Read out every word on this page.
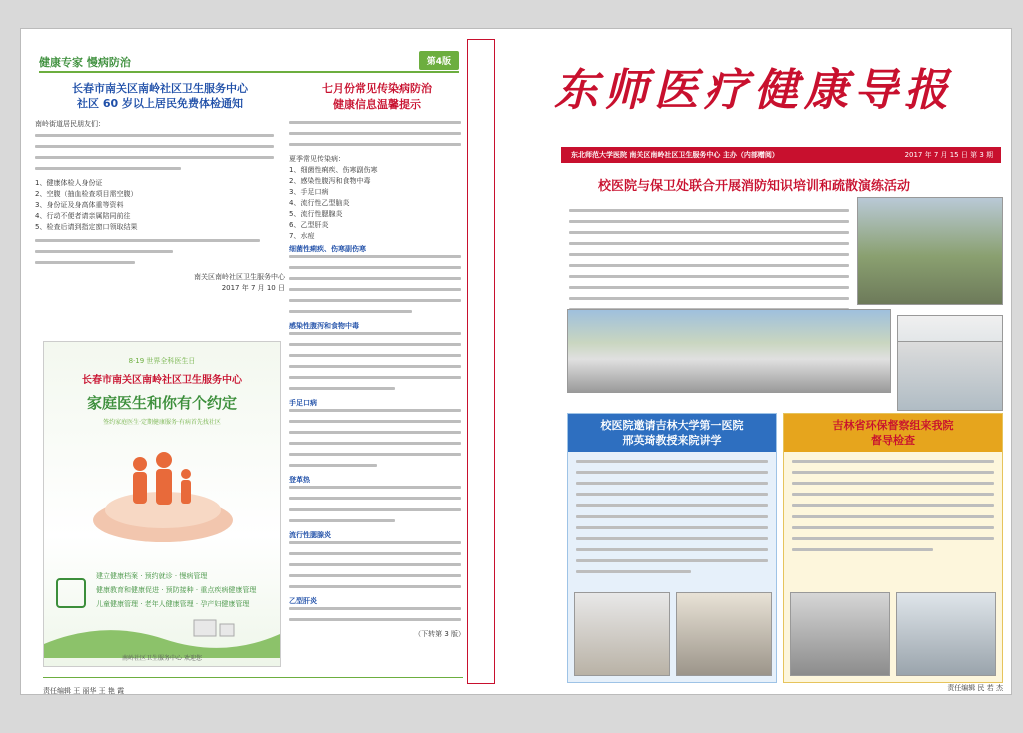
健康专家 慢病防治	第4版
长春市南关区南岭社区卫生服务中心
社区 60 岁以上居民免费体检通知
南岭街道居民朋友们：
1、健康体检人身份证
2、空腹（抽血检查项目需空腹）
3、身份证及身高体重等资料
4、行动不便者请亲属陪同前往
5、检查后请到指定窗口领取结果
南关区南岭社区卫生服务中心
2017 年 7 月 10 日
8·19 世界全科医生日
长春市南关区南岭社区卫生服务中心
家庭医生和你有个约定
签约家庭医生·定期健康服务·有病首先找社区
建立健康档案 · 预约就诊 · 慢病管理
健康教育和健康促进 · 预防接种 · 重点疾病健康管理
儿童健康管理 · 老年人健康管理 · 孕产妇健康管理
南岭社区卫生服务中心 欢迎您
七月份常见传染病防治
健康信息温馨提示
夏季常见传染病：
1、细菌性痢疾、伤寒副伤寒
2、感染性腹泻和食物中毒
3、手足口病
4、流行性乙型脑炎
5、流行性腮腺炎
6、乙型肝炎
7、水痘
细菌性痢疾、伤寒副伤寒
感染性腹泻和食物中毒
手足口病
登革热
流行性腮腺炎
乙型肝炎
（下转第 3 版）
责任编辑 王 丽华 王 艳 霞
东师医疗健康导报
东北师范大学医院 南关区南岭社区卫生服务中心 主办（内部赠阅）	2017 年 7 月 15 日 第 3 期
校医院与保卫处联合开展消防知识培训和疏散演练活动
校医院邀请吉林大学第一医院
邢英琦教授来院讲学
吉林省环保督察组来我院
督导检查
责任编辑 民 若 杰
